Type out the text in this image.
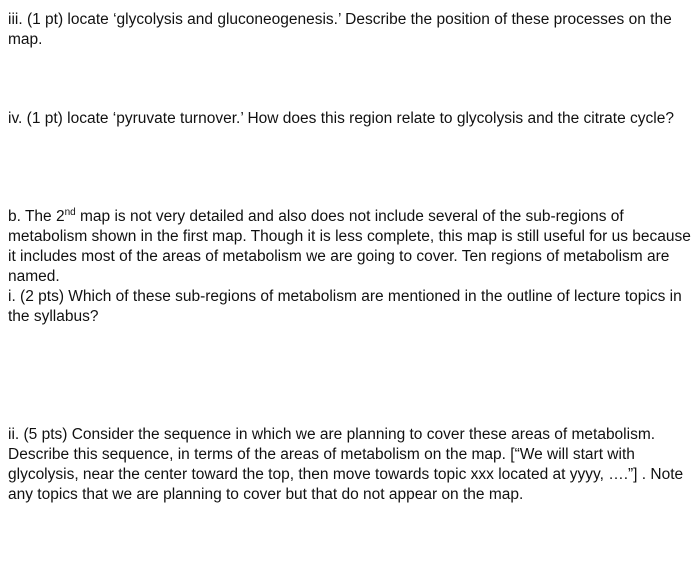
iii. (1 pt) locate ‘glycolysis and gluconeogenesis.’ Describe the position of these processes on the map.

iv. (1 pt) locate ‘pyruvate turnover.’ How does this region relate to glycolysis and the citrate cycle?

b. The 2nd map is not very detailed and also does not include several of the sub-regions of metabolism shown in the first map. Though it is less complete, this map is still useful for us because it includes most of the areas of metabolism we are going to cover. Ten regions of metabolism are named.

i. (2 pts) Which of these sub-regions of metabolism are mentioned in the outline of lecture topics in the syllabus?

ii. (5 pts) Consider the sequence in which we are planning to cover these areas of metabolism. Describe this sequence, in terms of the areas of metabolism on the map. [“We will start with glycolysis, near the center toward the top, then move towards topic xxx located at yyyy, ….”] . Note any topics that we are planning to cover but that do not appear on the map.
